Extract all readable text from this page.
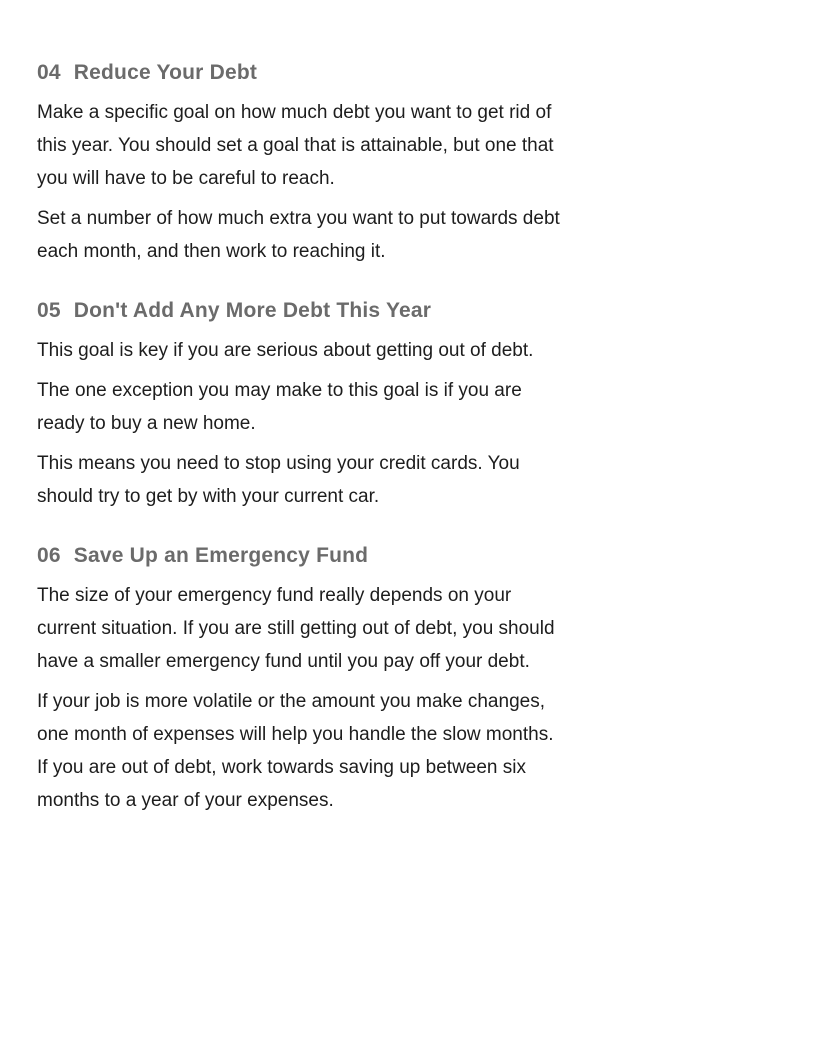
04 Reduce Your Debt

Make a specific goal on how much debt you want to get rid of
this year. You should set a goal that is attainable, but one that
you will have to be careful to reach.

Set a number of how much extra you want to put towards debt
each month, and then work to reaching it.

05 Don't Add Any More Debt This Year

This goal is key if you are serious about getting out of debt.

The one exception you may make to this goal is if you are
ready to buy a new home.

This means you need to stop using your credit cards. You
should try to get by with your current car.

06 Save Up an Emergency Fund

The size of your emergency fund really depends on your
current situation. If you are still getting out of debt, you should
have a smaller emergency fund until you pay off your debt.

If your job is more volatile or the amount you make changes,
one month of expenses will help you handle the slow months.
If you are out of debt, work towards saving up between six
months to a year of your expenses.
